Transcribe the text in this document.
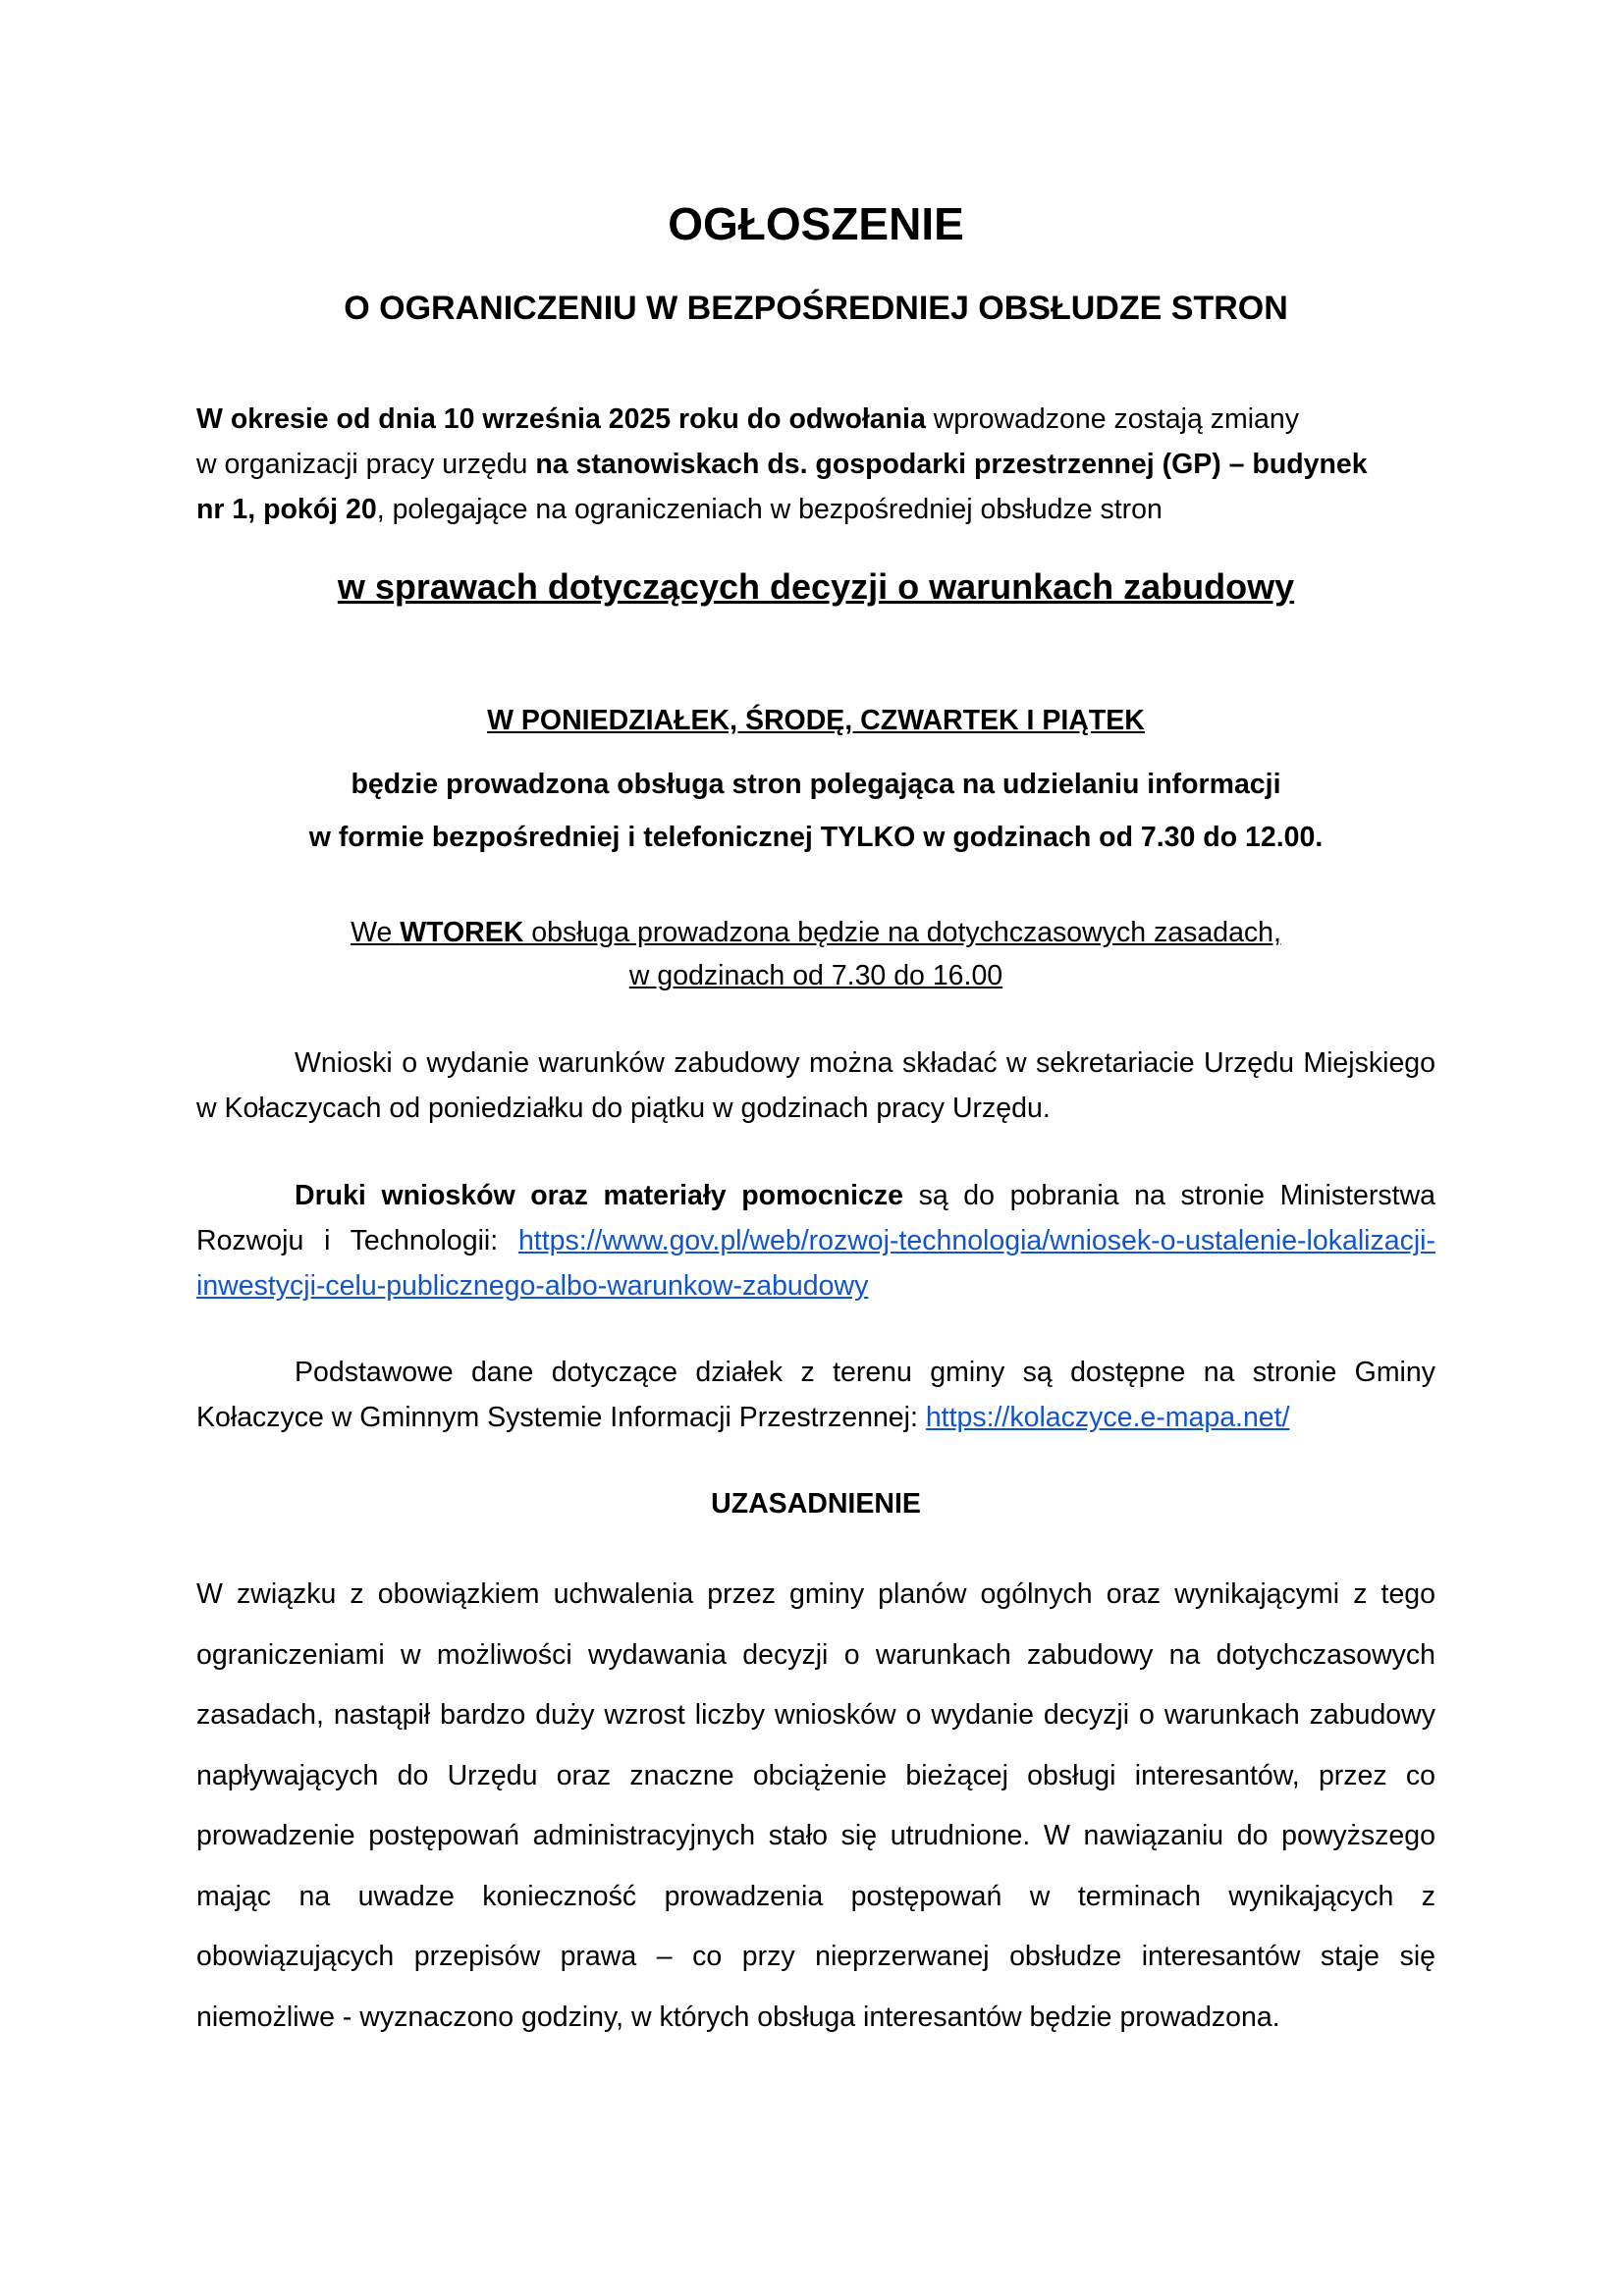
OGŁOSZENIE
O OGRANICZENIU W BEZPOŚREDNIEJ OBSŁUDZE STRON
W okresie od dnia 10 września 2025 roku do odwołania wprowadzone zostają zmiany
w organizacji pracy urzędu na stanowiskach ds. gospodarki przestrzennej (GP) – budynek
nr 1, pokój 20, polegające na ograniczeniach w bezpośredniej obsłudze stron
w sprawach dotyczących decyzji o warunkach zabudowy
W PONIEDZIAŁEK, ŚRODĘ, CZWARTEK I PIĄTEK
będzie prowadzona obsługa stron polegająca na udzielaniu informacji
w formie bezpośredniej i telefonicznej TYLKO w godzinach od 7.30 do 12.00.
We WTOREK obsługa prowadzona będzie na dotychczasowych zasadach,
w godzinach od 7.30 do 16.00
Wnioski o wydanie warunków zabudowy można składać w sekretariacie Urzędu Miejskiego w Kołaczycach od poniedziałku do piątku w godzinach pracy Urzędu.
Druki wniosków oraz materiały pomocnicze są do pobrania na stronie Ministerstwa Rozwoju i Technologii: https://www.gov.pl/web/rozwoj-technologia/wniosek-o-ustalenie-lokalizacji-inwestycji-celu-publicznego-albo-warunkow-zabudowy
Podstawowe dane dotyczące działek z terenu gminy są dostępne na stronie Gminy Kołaczyce w Gminnym Systemie Informacji Przestrzennej: https://kolaczyce.e-mapa.net/
UZASADNIENIE
W związku z obowiązkiem uchwalenia przez gminy planów ogólnych oraz wynikającymi z tego ograniczeniami w możliwości wydawania decyzji o warunkach zabudowy na dotychczasowych zasadach, nastąpił bardzo duży wzrost liczby wniosków o wydanie decyzji o warunkach zabudowy napływających do Urzędu oraz znaczne obciążenie bieżącej obsługi interesantów, przez co prowadzenie postępowań administracyjnych stało się utrudnione. W nawiązaniu do powyższego mając na uwadze konieczność prowadzenia postępowań w terminach wynikających z obowiązujących przepisów prawa – co przy nieprzerwanej obsłudze interesantów staje się niemożliwe - wyznaczono godziny, w których obsługa interesantów będzie prowadzona.
